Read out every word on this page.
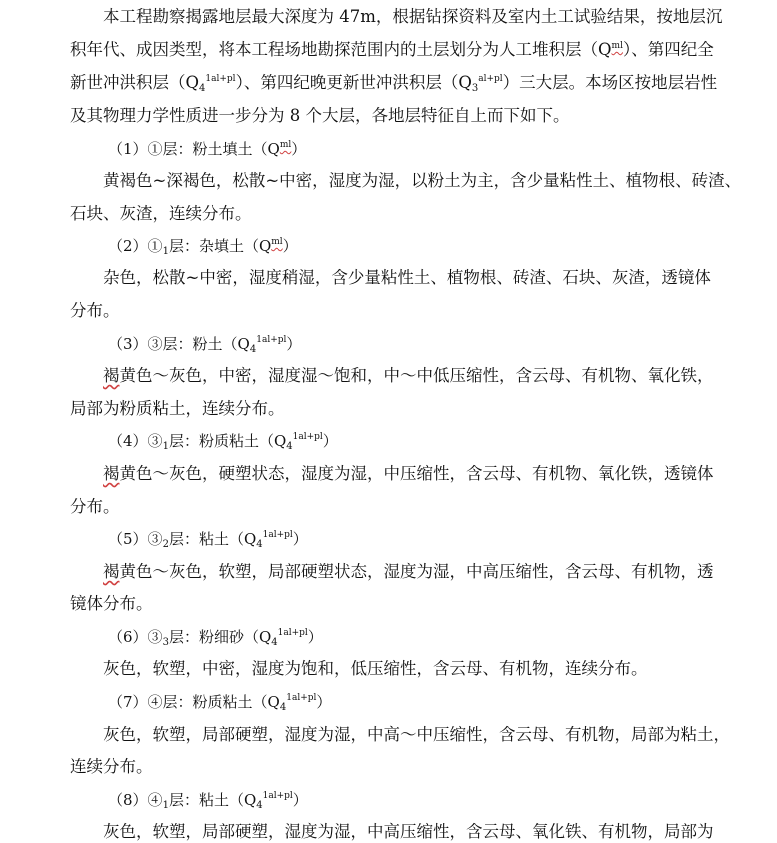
本工程勘察揭露地层最大深度为 47m，根据钻探资料及室内土工试验结果，按地层沉
积年代、成因类型，将本工程场地勘探范围内的土层划分为人工堆积层$(Q^{ml})$、第四纪全
新世冲洪积层$(Q_4^{1al+pl})$、第四纪晚更新世冲洪积层$(Q_3^{al+pl})$三大层。本场区按地层岩性
及其物理力学性质进一步分为 8 个大层，各地层特征自上而下如下。
（1）①层：粉土填土$(Q^{ml})$
黄褐色~深褐色，松散~中密，湿度为湿，以粉土为主，含少量粘性土、植物根、砖渣、
石块、灰渣，连续分布。
$(2)①_1$层：杂填土$(Q^{ml})$
杂色，松散~中密，湿度稍湿，含少量粘性土、植物根、砖渣、石块、灰渣，透镜体
分布。
（3）③层：粉土$(Q_4^{1al+pl})$
褐黄色～灰色，中密，湿度湿～饱和，中～中低压缩性，含云母、有机物、氧化铁，
局部为粉质粘土，连续分布。
$(4)③_1$层：粉质粘土$(Q_4^{1al+pl})$
褐黄色～灰色，硬塑状态，湿度为湿，中压缩性，含云母、有机物、氧化铁，透镜体
分布。
$(5)③_2$层：粘土$(Q_4^{1al+pl})$
褐黄色～灰色，软塑，局部硬塑状态，湿度为湿，中高压缩性，含云母、有机物，透
镜体分布。
$(6)③_3$层：粉细砂$(Q_4^{1al+pl})$
灰色，软塑，中密，湿度为饱和，低压缩性，含云母、有机物，连续分布。
（7）④层：粉质粘土$(Q_4^{1al+pl})$
灰色，软塑，局部硬塑，湿度为湿，中高～中压缩性，含云母、有机物，局部为粘土，
连续分布。
$(8)④_1$层：粘土$(Q_4^{1al+pl})$
灰色，软塑，局部硬塑，湿度为湿，中高压缩性，含云母、氧化铁、有机物，局部为
